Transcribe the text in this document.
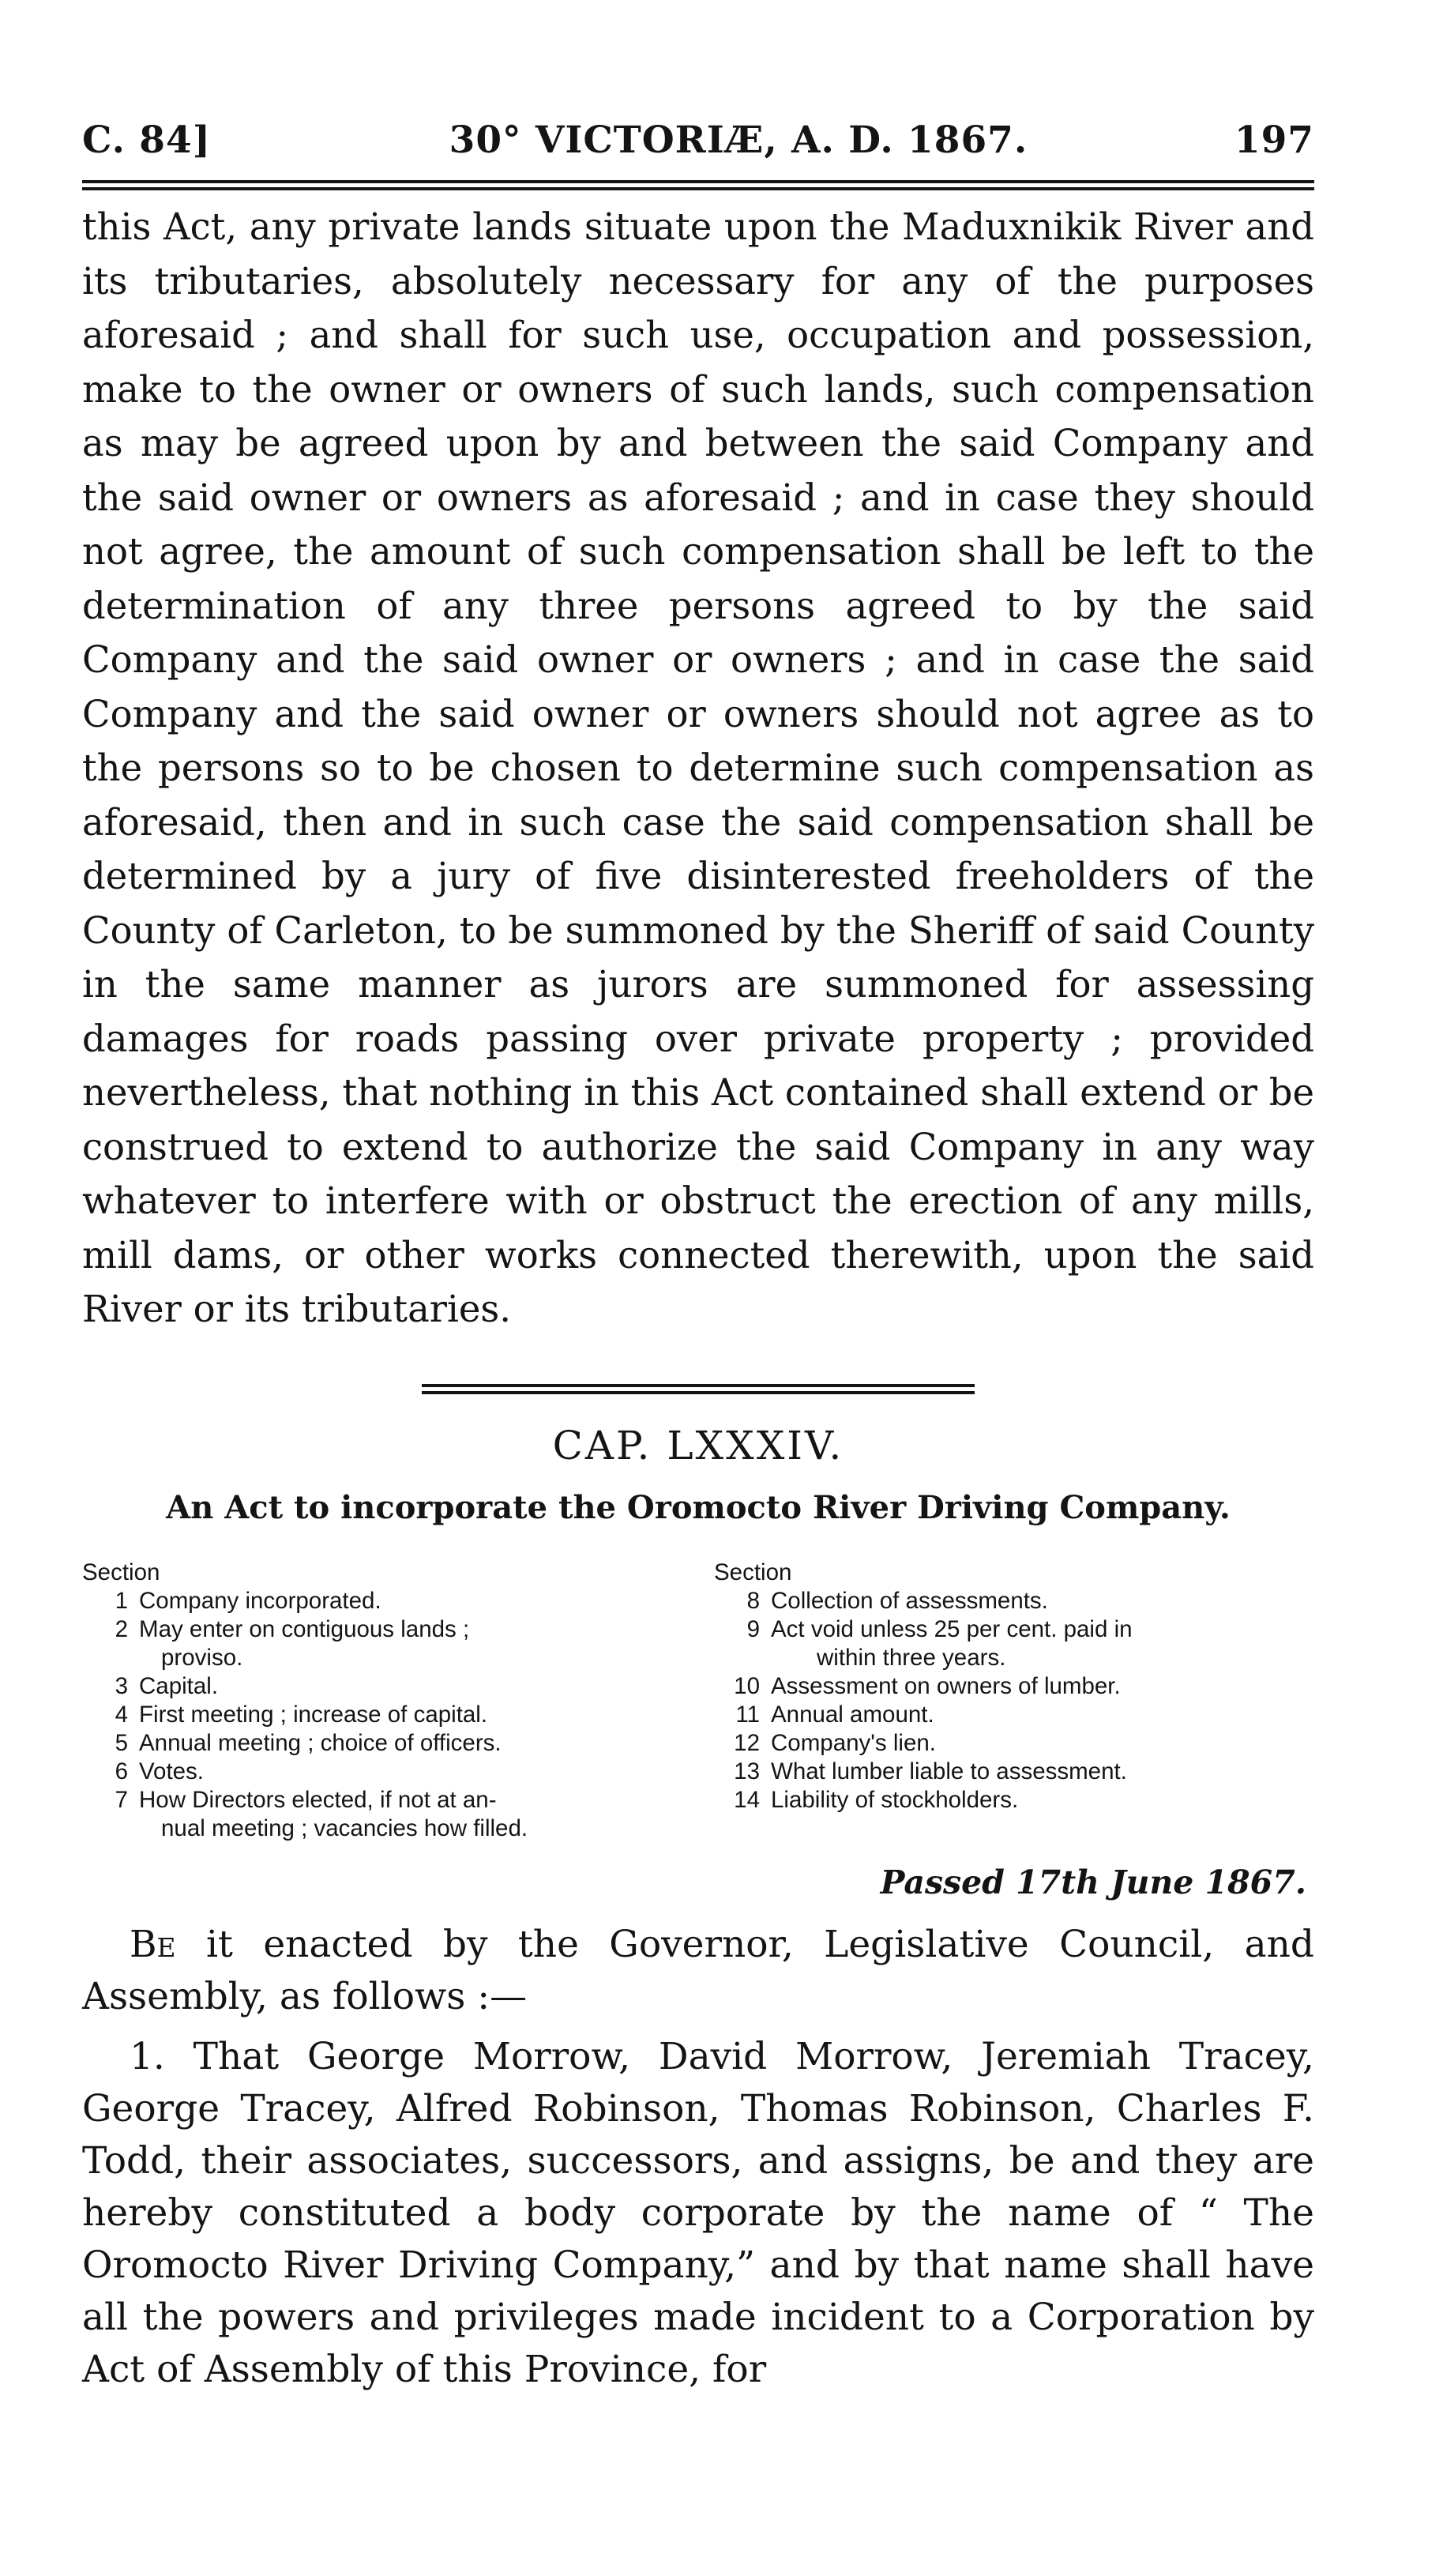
C. 84]	30° VICTORIÆ, A. D. 1867.	197

this Act, any private lands situate upon the Maduxnikik River and its tributaries, absolutely necessary for any of the purposes aforesaid ; and shall for such use, occupation and possession, make to the owner or owners of such lands, such compensation as may be agreed upon by and between the said Company and the said owner or owners as aforesaid ; and in case they should not agree, the amount of such compensation shall be left to the determination of any three persons agreed to by the said Company and the said owner or owners ; and in case the said Company and the said owner or owners should not agree as to the persons so to be chosen to determine such compensation as aforesaid, then and in such case the said compensation shall be determined by a jury of five disinterested freeholders of the County of Carleton, to be summoned by the Sheriff of said County in the same manner as jurors are summoned for assessing damages for roads passing over private property ; provided nevertheless, that nothing in this Act contained shall extend or be construed to extend to authorize the said Company in any way whatever to interfere with or obstruct the erection of any mills, mill dams, or other works connected therewith, upon the said River or its tributaries.

CAP. LXXXIV.
An Act to incorporate the Oromocto River Driving Company.

Section

1 Company incorporated.
2 May enter on contiguous lands ;

proviso.

3 Capital.
4 First meeting ; increase of capital.
5 Annual meeting ; choice of officers.
6 Votes.
7 How Directors elected, if not at an-

nual meeting ; vacancies how filled.

Section

8 Collection of assessments.
9 Act void unless 25 per cent. paid in

within three years.

10 Assessment on owners of lumber.
11 Annual amount.
12 Company's lien.
13 What lumber liable to assessment.
14 Liability of stockholders.
Passed 17th June 1867.

Be it enacted by the Governor, Legislative Council, and Assembly, as follows :—

1. That George Morrow, David Morrow, Jeremiah Tracey, George Tracey, Alfred Robinson, Thomas Robinson, Charles F. Todd, their associates, successors, and assigns, be and they are hereby constituted a body corporate by the name of “ The Oromocto River Driving Company,” and by that name shall have all the powers and privileges made incident to a Corporation by Act of Assembly of this Province, for
